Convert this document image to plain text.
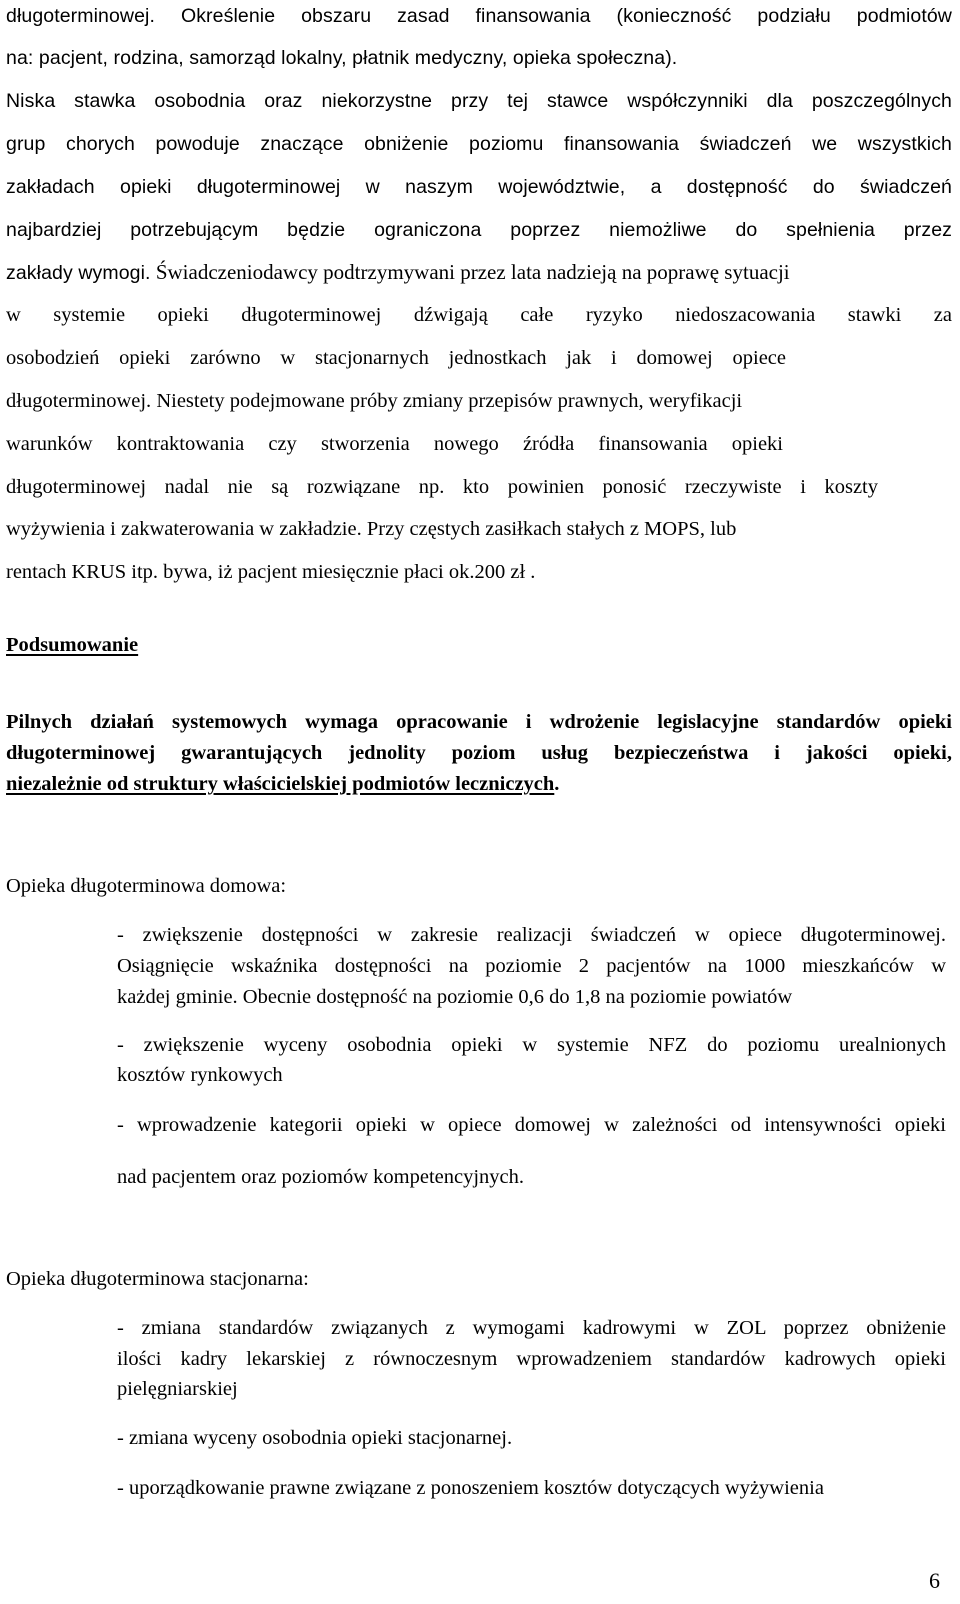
długoterminowej. Określenie obszaru zasad finansowania (konieczność podziału podmiotów
na: pacjent, rodzina, samorząd lokalny, płatnik medyczny, opieka społeczna).
Niska stawka osobodnia oraz niekorzystne przy tej stawce współczynniki dla poszczególnych
grup chorych powoduje znaczące obniżenie poziomu finansowania świadczeń we wszystkich
zakładach opieki długoterminowej w naszym województwie, a dostępność do świadczeń
najbardziej potrzebującym będzie ograniczona poprzez niemożliwe do spełnienia przez
zakłady wymogi. Świadczeniodawcy podtrzymywani przez lata nadzieją na poprawę sytuacji
w systemie opieki długoterminowej dźwigają całe ryzyko niedoszacowania stawki za
osobodzień opieki zarówno w stacjonarnych jednostkach jak i domowej opiece
długoterminowej. Niestety podejmowane próby zmiany przepisów prawnych, weryfikacji
warunków kontraktowania czy stworzenia nowego źródła finansowania opieki
długoterminowej nadal nie są rozwiązane np. kto powinien ponosić rzeczywiste i koszty
wyżywienia i zakwaterowania w zakładzie. Przy częstych zasiłkach stałych z MOPS, lub
rentach KRUS itp. bywa, iż pacjent miesięcznie płaci ok.200 zł .
Podsumowanie
Pilnych działań systemowych wymaga opracowanie i wdrożenie legislacyjne standardów opieki
długoterminowej gwarantujących jednolity poziom usług bezpieczeństwa i jakości opieki,
niezależnie od struktury właścicielskiej podmiotów leczniczych.
Opieka długoterminowa domowa:
- zwiększenie dostępności w zakresie realizacji świadczeń w opiece długoterminowej.
Osiągnięcie wskaźnika dostępności na poziomie 2 pacjentów na 1000 mieszkańców w
każdej gminie. Obecnie dostępność na poziomie 0,6 do 1,8 na poziomie powiatów
- zwiększenie wyceny osobodnia opieki w systemie NFZ do poziomu urealnionych
kosztów rynkowych
- wprowadzenie kategorii opieki w opiece domowej w zależności od intensywności opieki
nad pacjentem oraz poziomów kompetencyjnych.
Opieka długoterminowa stacjonarna:
- zmiana standardów związanych z wymogami kadrowymi w ZOL poprzez obniżenie
ilości kadry lekarskiej z równoczesnym wprowadzeniem standardów kadrowych opieki
pielęgniarskiej
- zmiana wyceny osobodnia opieki stacjonarnej.
- uporządkowanie prawne związane z ponoszeniem kosztów dotyczących wyżywienia
6
